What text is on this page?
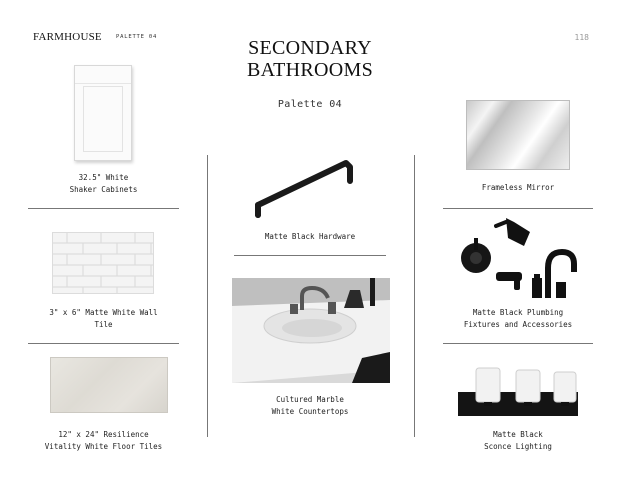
FARMHOUSE	PALETTE 04	118
SECONDARY
BATHROOMS
Palette 04
32.5" White
Shaker Cabinets
3" x 6" Matte White Wall
Tile
12" x 24" Resilience
Vitality White Floor Tiles
Matte Black Hardware
Cultured Marble
White Countertops
Frameless Mirror
Matte Black Plumbing
Fixtures and Accessories
Matte Black
Sconce Lighting
